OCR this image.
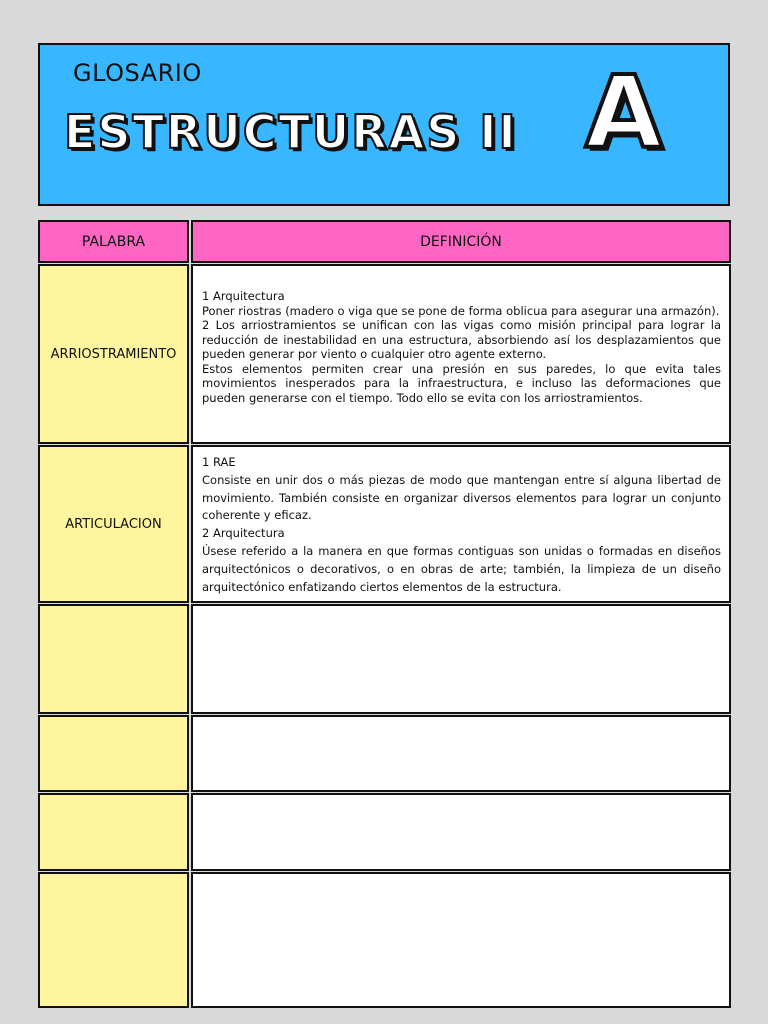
GLOSARIO
ESTRUCTURAS II A
PALABRA	DEFINICIÓN
ARRIOSTRAMIENTO

1 Arquitectura

Poner riostras (madero o viga que se pone de forma oblicua para asegurar una armazón).

2 Los arriostramientos se unifican con las vigas como misión principal para lograr la reducción de inestabilidad en una estructura, absorbiendo así los desplazamientos que pueden generar por viento o cualquier otro agente externo.

Estos elementos permiten crear una presión en sus paredes, lo que evita tales movimientos inesperados para la infraestructura, e incluso las deformaciones que pueden generarse con el tiempo. Todo ello se evita con los arriostramientos.

ARTICULACION

1 RAE

Consiste en unir dos o más piezas de modo que mantengan entre sí alguna libertad de movimiento. También consiste en organizar diversos elementos para lograr un conjunto coherente y eficaz.

2 Arquitectura

Úsese referido a la manera en que formas contiguas son unidas o formadas en diseños arquitectónicos o decorativos, o en obras de arte; también, la limpieza de un diseño arquitectónico enfatizando ciertos elementos de la estructura.
